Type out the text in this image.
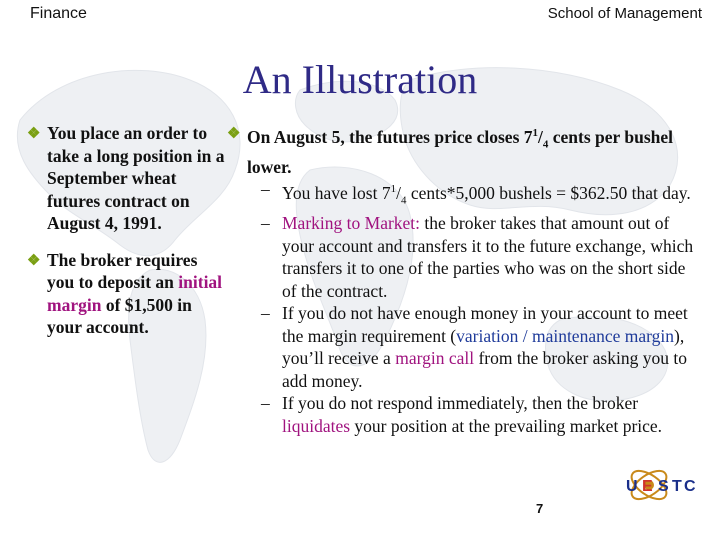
Finance	School of Management
An Illustration
❖ You place an order to take a long position in a September wheat futures contract on August 4, 1991.
❖ The broker requires you to deposit an initial margin of $1,500 in your account.
❖ On August 5, the futures price closes $7^1/_4$ cents per bushel lower.
– You have lost $7^1/_4$ cents*5,000 bushels = $362.50 that day.
– Marking to Market: the broker takes that amount out of your account and transfers it to the future exchange, which transfers it to one of the parties who was on the short side of the contract.
– If you do not have enough money in your account to meet the margin requirement (variation / maintenance margin), you’ll receive a margin call from the broker asking you to add money.
– If you do not respond immediately, then the broker liquidates your position at the prevailing market price.
7
U E S T C
